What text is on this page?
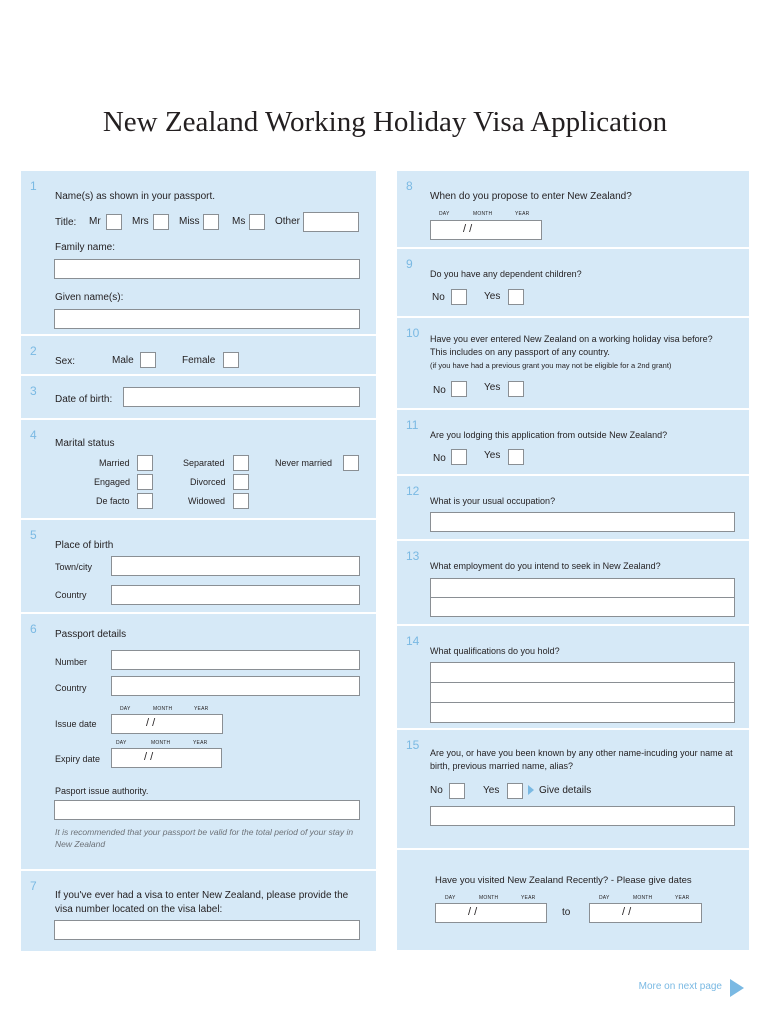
New Zealand Working Holiday Visa Application
1
Name(s) as shown in your passport.
Title: Mr	Mrs	Miss	Ms	Other
Family name:
Given name(s):
2
Sex:	Male	Female
3
Date of birth:
4
Marital status
Married	Separated	Never married
Engaged	Divorced
De facto	Widowed
5
Place of birth
Town/city
Country
6 Passport details
Number
Country
DAY	MONTH	YEAR
Issue date	/ /
DAY	MONTH	YEAR
Expiry date	/ /
Pasport issue authority.
It is recommended that your passport be valid for the total period of your stay in New Zealand
7
If you've ever had a visa to enter New Zealand, please provide the visa number located on the visa label:
8
When do you propose to enter New Zealand?
DAY	MONTH	YEAR
/ /
9
Do you have any dependent children?
No	Yes
10 Have you ever entered New Zealand on a working holiday visa before?
This includes on any passport of any country.
(if you have had a previous grant you may not be eligible for a 2nd grant)
No	Yes
11
Are you lodging this application from outside New Zealand?
No	Yes
12
What is your usual occupation?
13
What employment do you intend to seek in New Zealand?
14
What qualifications do you hold?
15
Are you, or have you been known by any other name-incuding your name at birth, previous married name, alias?
No	Yes	Give details
Have you visited New Zealand Recently? - Please give dates
DAY	MONTH	YEAR
/ /	to
DAY	MONTH	YEAR
/ /
More on next page
